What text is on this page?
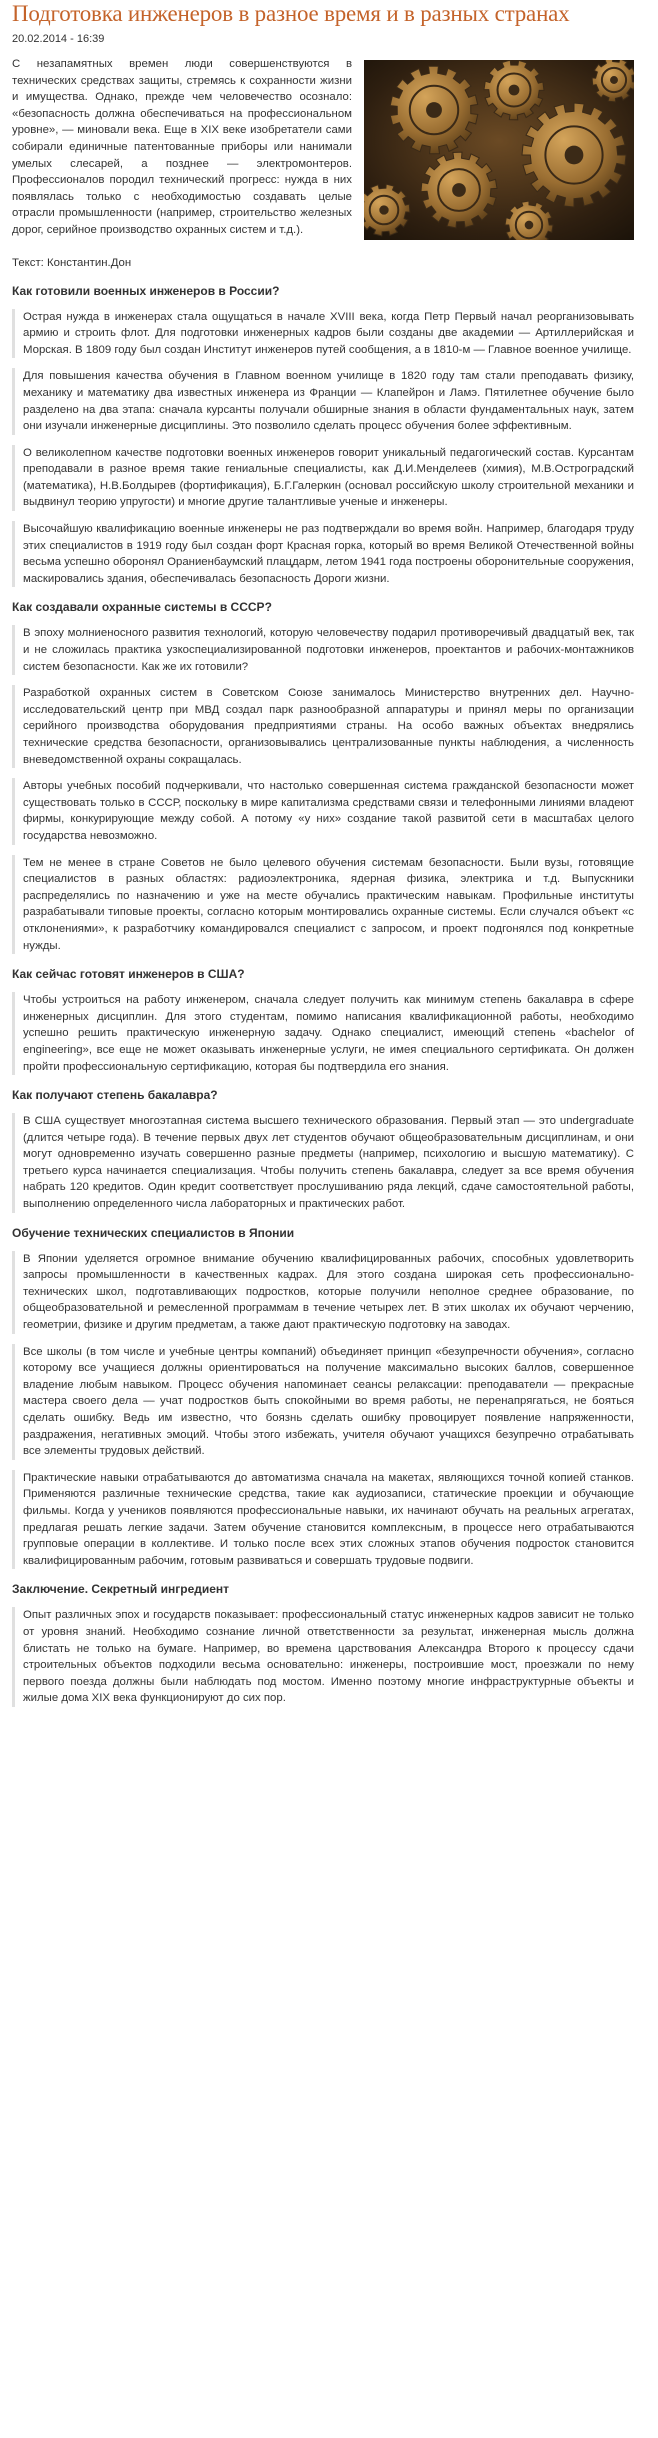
Подготовка инженеров в разное время и в разных странах
20.02.2014 - 16:39

С незапамятных времен люди совершенствуются в технических средствах защиты, стремясь к сохранности жизни и имущества. Однако, прежде чем человечество осознало: «безопасность должна обеспечиваться на профессиональном уровне», — миновали века. Еще в XIX веке изобретатели сами собирали единичные патентованные приборы или нанимали умелых слесарей, а позднее — электромонтеров. Профессионалов породил технический прогресс: нужда в них появлялась только с необходимостью создавать целые отрасли промышленности (например, строительство железных дорог, серийное производство охранных систем и т.д.).

Текст: Константин.Дон

Как готовили военных инженеров в России?

Острая нужда в инженерах стала ощущаться в начале XVIII века, когда Петр Первый начал реорганизовывать армию и строить флот. Для подготовки инженерных кадров были созданы две академии — Артиллерийская и Морская. В 1809 году был создан Институт инженеров путей сообщения, а в 1810-м — Главное военное училище.

Для повышения качества обучения в Главном военном училище в 1820 году там стали преподавать физику, механику и математику два известных инженера из Франции — Клапейрон и Ламэ. Пятилетнее обучение было разделено на два этапа: сначала курсанты получали обширные знания в области фундаментальных наук, затем они изучали инженерные дисциплины. Это позволило сделать процесс обучения более эффективным.

О великолепном качестве подготовки военных инженеров говорит уникальный педагогический состав. Курсантам преподавали в разное время такие гениальные специалисты, как Д.И.Менделеев (химия), М.В.Остроградский (математика), Н.В.Болдырев (фортификация), Б.Г.Галеркин (основал российскую школу строительной механики и выдвинул теорию упругости) и многие другие талантливые ученые и инженеры.

Высочайшую квалификацию военные инженеры не раз подтверждали во время войн. Например, благодаря труду этих специалистов в 1919 году был создан форт Красная горка, который во время Великой Отечественной войны весьма успешно оборонял Ораниенбаумский плацдарм, летом 1941 года построены оборонительные сооружения, маскировались здания, обеспечивалась безопасность Дороги жизни.

Как создавали охранные системы в СССР?

В эпоху молниеносного развития технологий, которую человечеству подарил противоречивый двадцатый век, так и не сложилась практика узкоспециализированной подготовки инженеров, проектантов и рабочих-монтажников систем безопасности. Как же их готовили?

Разработкой охранных систем в Советском Союзе занималось Министерство внутренних дел. Научно-исследовательский центр при МВД создал парк разнообразной аппаратуры и принял меры по организации серийного производства оборудования предприятиями страны. На особо важных объектах внедрялись технические средства безопасности, организовывались централизованные пункты наблюдения, а численность вневедомственной охраны сокращалась.

Авторы учебных пособий подчеркивали, что настолько совершенная система гражданской безопасности может существовать только в СССР, поскольку в мире капитализма средствами связи и телефонными линиями владеют фирмы, конкурирующие между собой. А потому «у них» создание такой развитой сети в масштабах целого государства невозможно.

Тем не менее в стране Советов не было целевого обучения системам безопасности. Были вузы, готовящие специалистов в разных областях: радиоэлектроника, ядерная физика, электрика и т.д. Выпускники распределялись по назначению и уже на месте обучались практическим навыкам. Профильные институты разрабатывали типовые проекты, согласно которым монтировались охранные системы. Если случался объект «с отклонениями», к разработчику командировался специалист с запросом, и проект подгонялся под конкретные нужды.

Как сейчас готовят инженеров в США?

Чтобы устроиться на работу инженером, сначала следует получить как минимум степень бакалавра в сфере инженерных дисциплин. Для этого студентам, помимо написания квалификационной работы, необходимо успешно решить практическую инженерную задачу. Однако специалист, имеющий степень «bachelor of engineering», все еще не может оказывать инженерные услуги, не имея специального сертификата. Он должен пройти профессиональную сертификацию, которая бы подтвердила его знания.

Как получают степень бакалавра?

В США существует многоэтапная система высшего технического образования. Первый этап — это undergraduate (длится четыре года). В течение первых двух лет студентов обучают общеобразовательным дисциплинам, и они могут одновременно изучать совершенно разные предметы (например, психологию и высшую математику). С третьего курса начинается специализация. Чтобы получить степень бакалавра, следует за все время обучения набрать 120 кредитов. Один кредит соответствует прослушиванию ряда лекций, сдаче самостоятельной работы, выполнению определенного числа лабораторных и практических работ.

Обучение технических специалистов в Японии

В Японии уделяется огромное внимание обучению квалифицированных рабочих, способных удовлетворить запросы промышленности в качественных кадрах. Для этого создана широкая сеть профессионально-технических школ, подготавливающих подростков, которые получили неполное среднее образование, по общеобразовательной и ремесленной программам в течение четырех лет. В этих школах их обучают черчению, геометрии, физике и другим предметам, а также дают практическую подготовку на заводах.

Все школы (в том числе и учебные центры компаний) объединяет принцип «безупречности обучения», согласно которому все учащиеся должны ориентироваться на получение максимально высоких баллов, совершенное владение любым навыком. Процесс обучения напоминает сеансы релаксации: преподаватели — прекрасные мастера своего дела — учат подростков быть спокойными во время работы, не перенапрягаться, не бояться сделать ошибку. Ведь им известно, что боязнь сделать ошибку провоцирует появление напряженности, раздражения, негативных эмоций. Чтобы этого избежать, учителя обучают учащихся безупречно отрабатывать все элементы трудовых действий.

Практические навыки отрабатываются до автоматизма сначала на макетах, являющихся точной копией станков. Применяются различные технические средства, такие как аудиозаписи, статические проекции и обучающие фильмы. Когда у учеников появляются профессиональные навыки, их начинают обучать на реальных агрегатах, предлагая решать легкие задачи. Затем обучение становится комплексным, в процессе него отрабатываются групповые операции в коллективе. И только после всех этих сложных этапов обучения подросток становится квалифицированным рабочим, готовым развиваться и совершать трудовые подвиги.

Заключение. Секретный ингредиент

Опыт различных эпох и государств показывает: профессиональный статус инженерных кадров зависит не только от уровня знаний. Необходимо сознание личной ответственности за результат, инженерная мысль должна блистать не только на бумаге. Например, во времена царствования Александра Второго к процессу сдачи строительных объектов подходили весьма основательно: инженеры, построившие мост, проезжали по нему первого поезда должны были наблюдать под мостом. Именно поэтому многие инфраструктурные объекты и жилые дома XIX века функционируют до сих пор.
